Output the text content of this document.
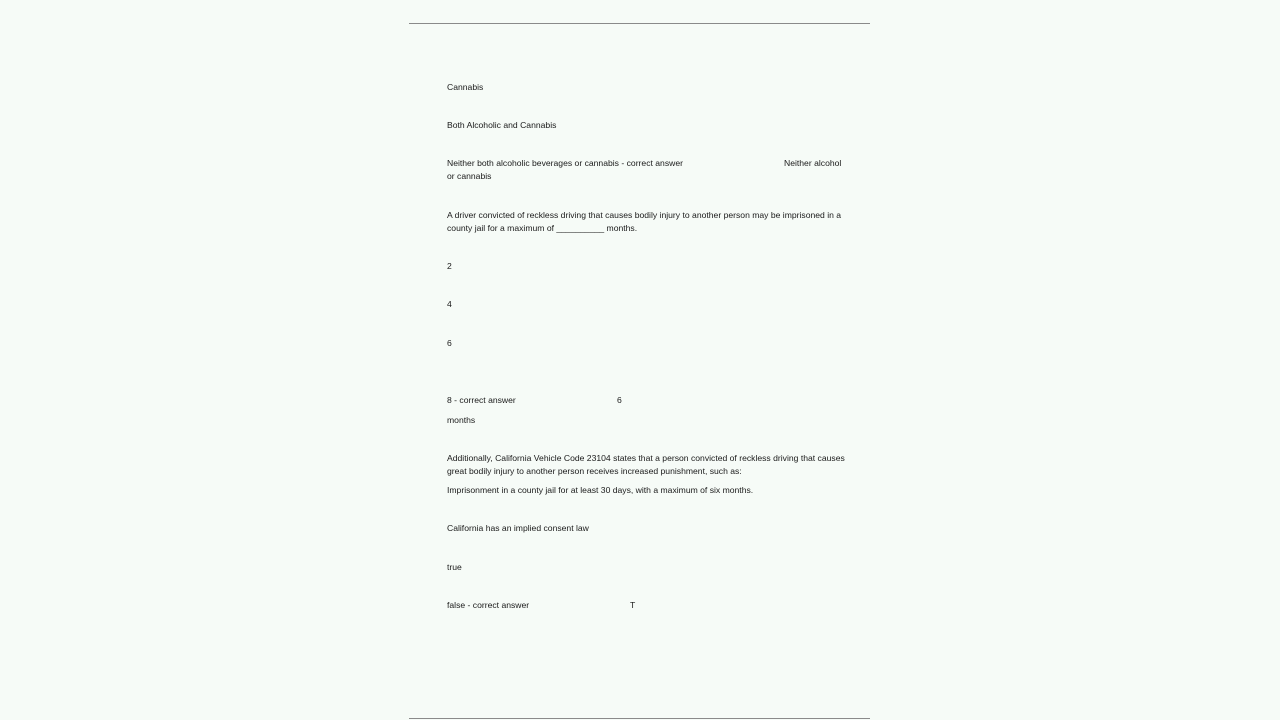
Cannabis
Both Alcoholic and Cannabis
Neither both alcoholic beverages or cannabis - correct answer	Neither alcohol
or cannabis
A driver convicted of reckless driving that causes bodily injury to another person may be imprisoned in a county jail for a maximum of __________ months.
2
4
6
8 - correct answer	6
months
Additionally, California Vehicle Code 23104 states that a person convicted of reckless driving that causes great bodily injury to another person receives increased punishment, such as:
Imprisonment in a county jail for at least 30 days, with a maximum of six months.
California has an implied consent law
true
false - correct answer	T
